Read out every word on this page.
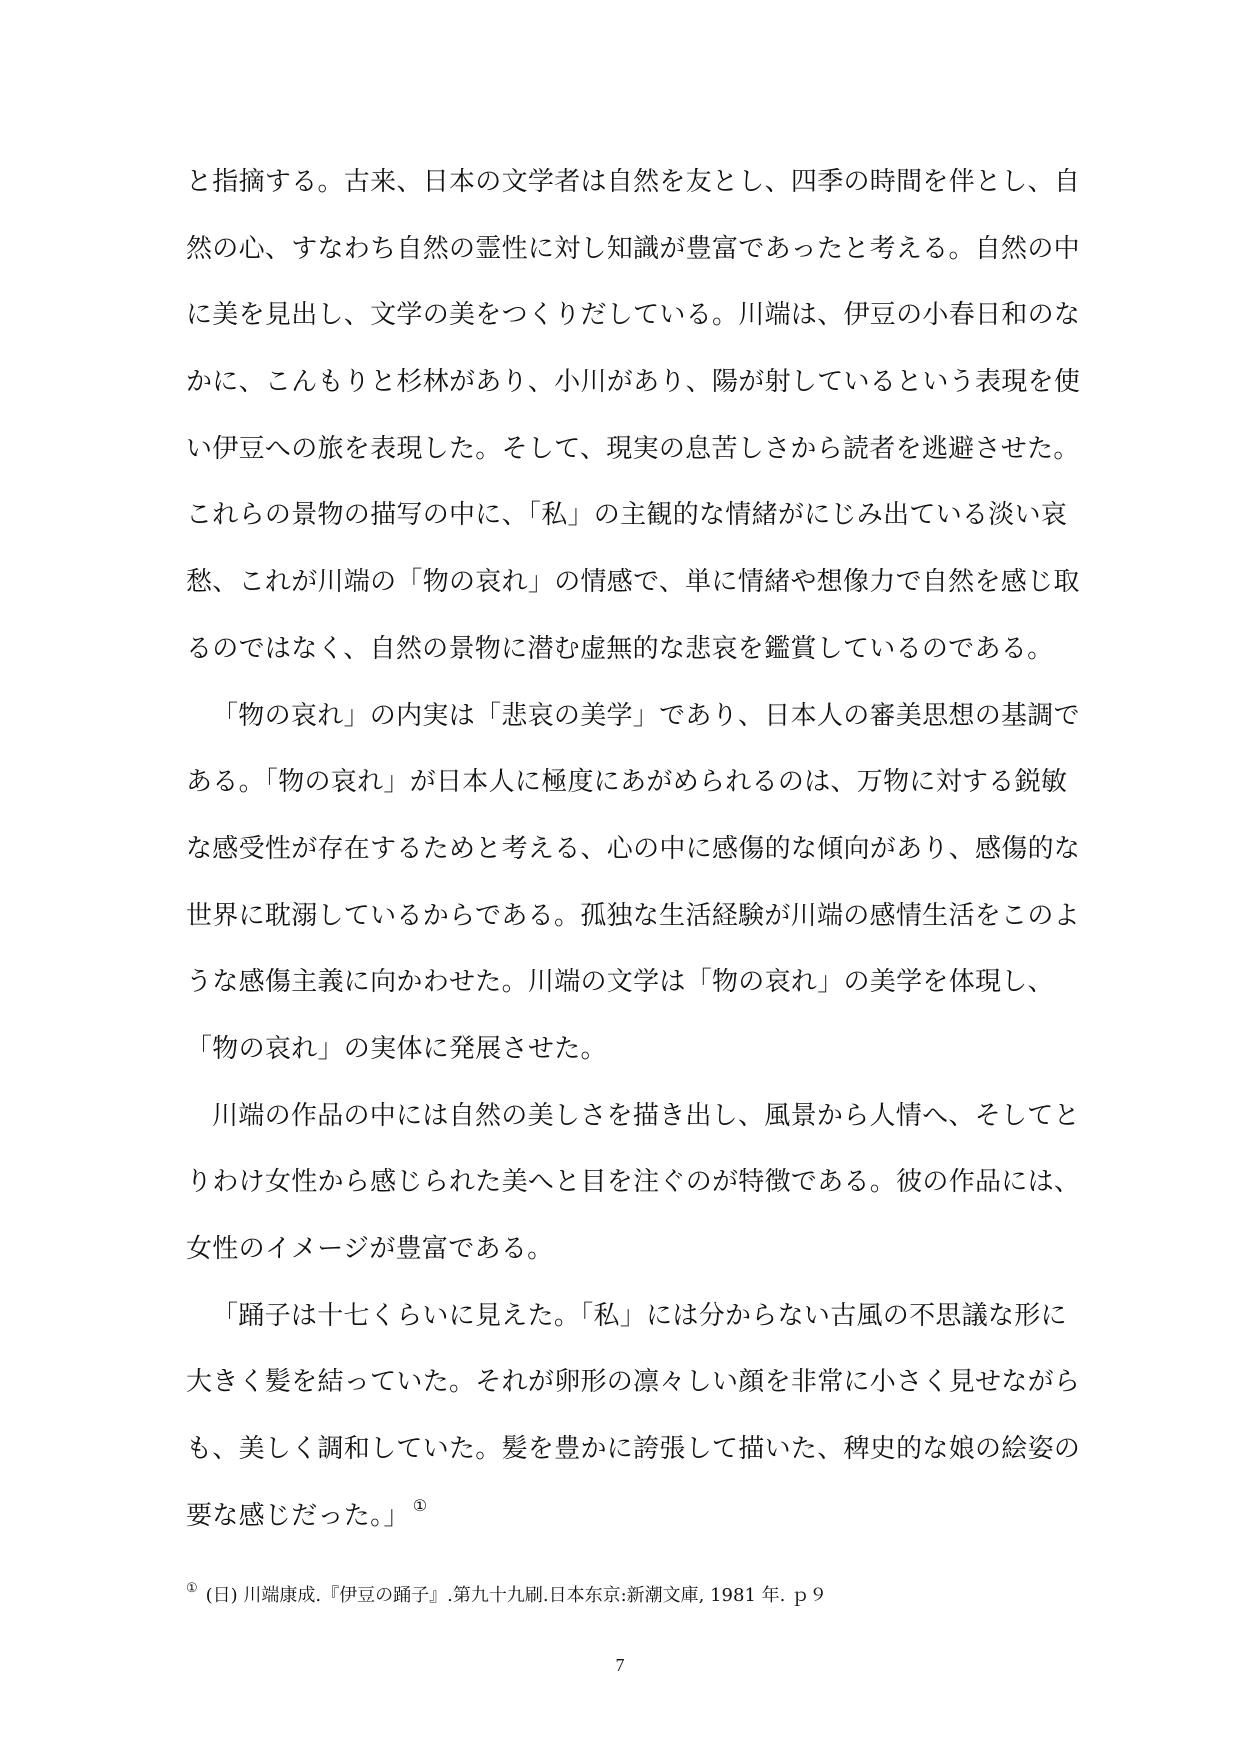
と指摘する。古来、日本の文学者は自然を友とし、四季の時間を伴とし、自
然の心、すなわち自然の霊性に対し知識が豊富であったと考える。自然の中
に美を見出し、文学の美をつくりだしている。川端は、伊豆の小春日和のな
かに、こんもりと杉林があり、小川があり、陽が射しているという表現を使
い伊豆への旅を表現した。そして、現実の息苦しさから読者を逃避させた。
これらの景物の描写の中に、「私」の主観的な情緒がにじみ出ている淡い哀
愁、これが川端の「物の哀れ」の情感で、単に情緒や想像力で自然を感じ取
るのではなく、自然の景物に潜む虚無的な悲哀を鑑賞しているのである。
「物の哀れ」の内実は「悲哀の美学」であり、日本人の審美思想の基調で
ある。「物の哀れ」が日本人に極度にあがめられるのは、万物に対する鋭敏
な感受性が存在するためと考える、心の中に感傷的な傾向があり、感傷的な
世界に耽溺しているからである。孤独な生活経験が川端の感情生活をこのよ
うな感傷主義に向かわせた。川端の文学は「物の哀れ」の美学を体現し、
「物の哀れ」の実体に発展させた。
川端の作品の中には自然の美しさを描き出し、風景から人情へ、そしてと
りわけ女性から感じられた美へと目を注ぐのが特徴である。彼の作品には、
女性のイメージが豊富である。
「踊子は十七くらいに見えた。「私」には分からない古風の不思議な形に
大きく髪を結っていた。それが卵形の凛々しい顔を非常に小さく見せながら
も、美しく調和していた。髪を豊かに誇張して描いた、稗史的な娘の絵姿の
要な感じだった。」 ①
① (日) 川端康成.『伊豆の踊子』.第九十九刷.日本东京:新潮文庫, 1981 年. ｐ９
7
